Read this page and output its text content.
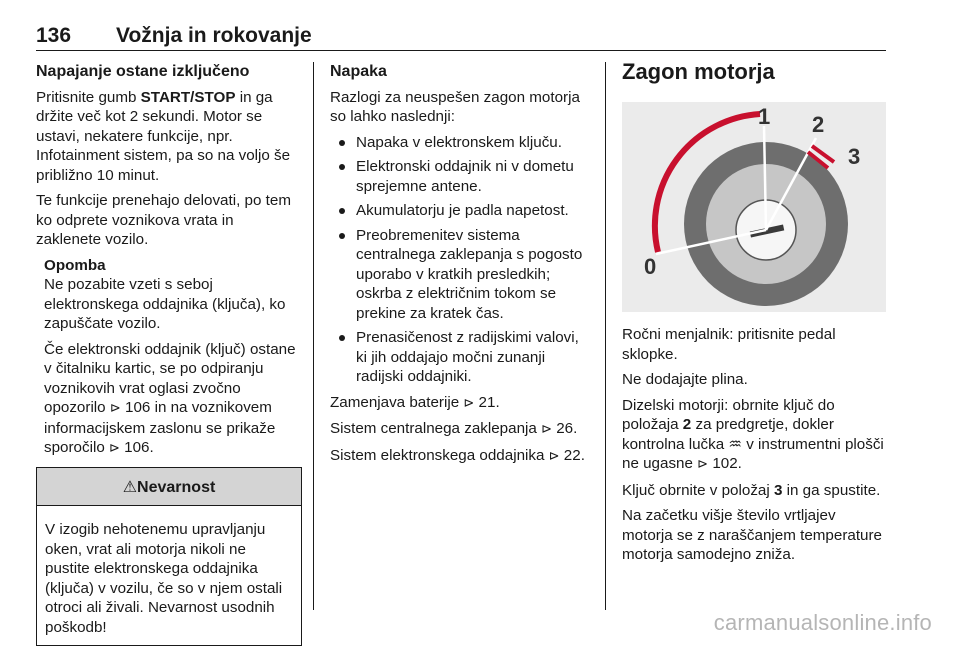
136 Vožnja in rokovanje

Napajanje ostane izključeno

Pritisnite gumb START/STOP in ga držite več kot 2 sekundi. Motor se ustavi, nekatere funkcije, npr. Infotainment sistem, pa so na voljo še približno 10 minut.

Te funkcije prenehajo delovati, po tem ko odprete voznikova vrata in zaklenete vozilo.

Opomba

Ne pozabite vzeti s seboj elektronskega oddajnika (ključa), ko zapuščate vozilo.

Če elektronski oddajnik (ključ) ostane v čitalniku kartic, se po odpiranju voznikovih vrat oglasi zvočno opozorilo ⊳ 106 in na voznikovem informacijskem zaslonu se prikaže sporočilo ⊳ 106.

⚠Nevarnost
V izogib nehotenemu upravljanju oken, vrat ali motorja nikoli ne pustite elektronskega oddajnika (ključa) v vozilu, če so v njem ostali otroci ali živali. Nevarnost usodnih poškodb!

Napaka

Razlogi za neuspešen zagon motorja so lahko naslednji:

Napaka v elektronskem ključu.
Elektronski oddajnik ni v dometu sprejemne antene.
Akumulatorju je padla napetost.
Preobremenitev sistema centralnega zaklepanja s pogosto uporabo v kratkih presledkih; oskrba z električnim tokom se prekine za kratek čas.
Prenasičenost z radijskimi valovi, ki jih oddajajo močni zunanji radijski oddajniki.

Zamenjava baterije ⊳ 21.

Sistem centralnega zaklepanja ⊳ 26.

Sistem elektronskega oddajnika ⊳ 22.

Zagon motorja

0
1 2
3

Ročni menjalnik: pritisnite pedal sklopke.

Ne dodajajte plina.

Dizelski motorji: obrnite ključ do položaja 2 za predgretje, dokler kontrolna lučka ♒ v instrumentni plošči ne ugasne ⊳ 102.

Ključ obrnite v položaj 3 in ga spustite.

Na začetku višje število vrtljajev motorja se z naraščanjem temperature motorja samodejno zniža.

carmanualsonline.info
